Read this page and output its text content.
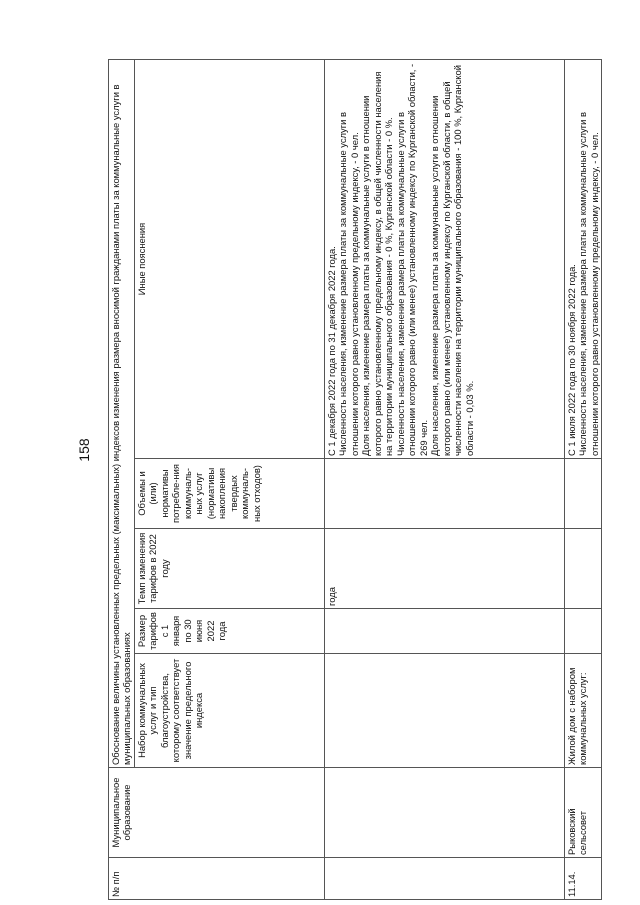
158
№ п/п	Муниципальное образование	Обоснование величины установленных предельных (максимальных) индексов изменения размера вносимой гражданами платы за коммунальные услуги в муниципальных образованиях				
		Набор коммунальных услуг и тип благоустройства, которому соответствует значение предельного индекса	Размер тарифов с 1 января по 30 июня 2022 года	Темп изменения тарифов в 2022 году	Объемы и (или) нормативы потребле-ния коммуналь-ных услуг (нормативы накопления твердых коммуналь-ных отходов)	Иные пояснения
				года		С 1 декабря 2022 года по 31 декабря 2022 года.
Численность населения, изменение размера платы за коммунальные услуги в отношении которого равно установленному предельному индексу, - 0 чел.
Доля населения, изменение размера платы за коммунальные услуги в отношении которого равно установленному предельному индексу, в общей численности населения на территории муниципального образования - 0 %, Курганской области - 0 %.
Численность населения, изменение размера платы за коммунальные услуги в отношении которого равно (или менее) установленному индексу по Курганской области, - 269 чел.
Доля населения, изменение размера платы за коммунальные услуги в отношении которого равно (или менее) установленному индексу по Курганской области, в общей численности населения на территории муниципального образования - 100 %, Курганской области - 0,03 %.
11.14.	Рыковский сельсовет	Жилой дом с набором коммунальных услуг:				С 1 июля 2022 года по 30 ноября 2022 года.
Численность населения, изменение размера платы за коммунальные услуги в отношении которого равно установленному предельному индексу, - 0 чел.
